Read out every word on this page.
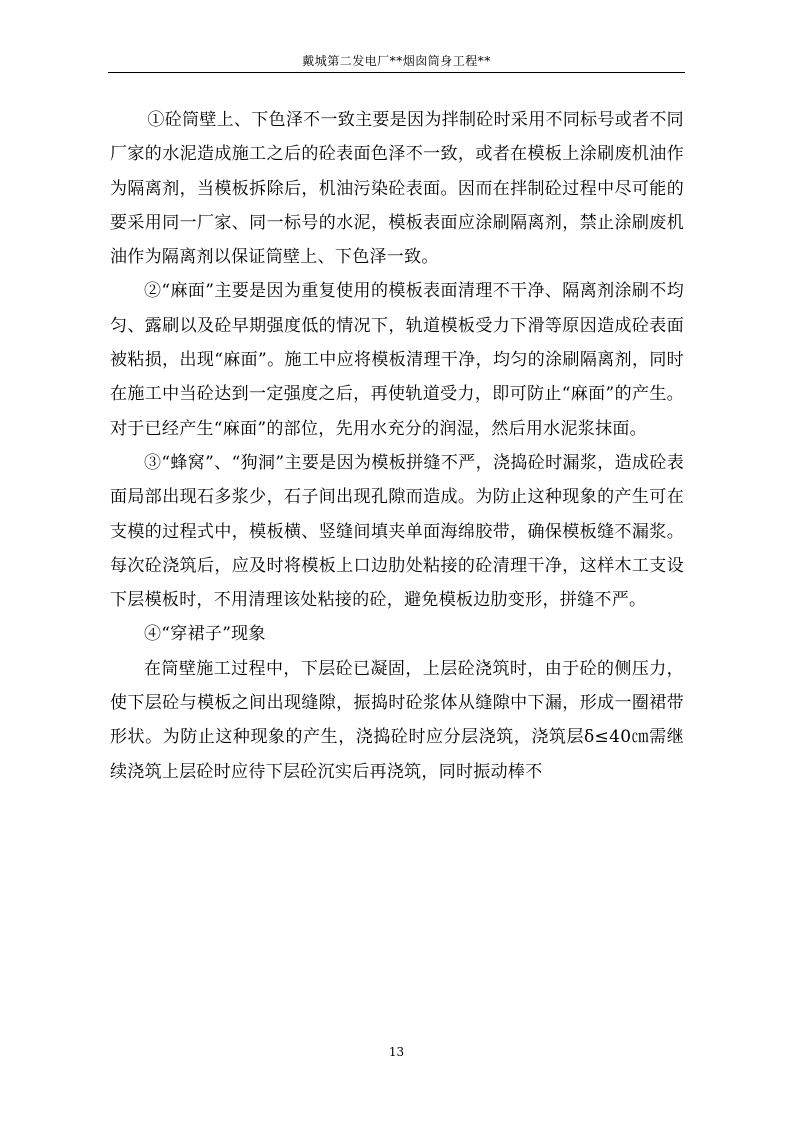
戴城第二发电厂**烟囱筒身工程**

①砼筒壁上、下色泽不一致主要是因为拌制砼时采用不同标号或者不同厂家的水泥造成施工之后的砼表面色泽不一致，或者在模板上涂刷废机油作为隔离剂，当模板拆除后，机油污染砼表面。因而在拌制砼过程中尽可能的要采用同一厂家、同一标号的水泥，模板表面应涂刷隔离剂，禁止涂刷废机油作为隔离剂以保证筒壁上、下色泽一致。

②“麻面”主要是因为重复使用的模板表面清理不干净、隔离剂涂刷不均匀、露刷以及砼早期强度低的情况下，轨道模板受力下滑等原因造成砼表面被粘损，出现“麻面”。施工中应将模板清理干净，均匀的涂刷隔离剂，同时在施工中当砼达到一定强度之后，再使轨道受力，即可防止“麻面”的产生。对于已经产生“麻面”的部位，先用水充分的润湿，然后用水泥浆抹面。

③“蜂窝”、“狗洞”主要是因为模板拼缝不严，浇捣砼时漏浆，造成砼表面局部出现石多浆少，石子间出现孔隙而造成。为防止这种现象的产生可在支模的过程式中，模板横、竖缝间填夹单面海绵胶带，确保模板缝不漏浆。每次砼浇筑后，应及时将模板上口边肋处粘接的砼清理干净，这样木工支设下层模板时，不用清理该处粘接的砼，避免模板边肋变形，拼缝不严。

④“穿裙子”现象

在筒壁施工过程中，下层砼已凝固，上层砼浇筑时，由于砼的侧压力，使下层砼与模板之间出现缝隙，振捣时砼浆体从缝隙中下漏，形成一圈裙带形状。为防止这种现象的产生，浇捣砼时应分层浇筑，浇筑层δ≤40㎝需继续浇筑上层砼时应待下层砼沉实后再浇筑，同时振动棒不

13
